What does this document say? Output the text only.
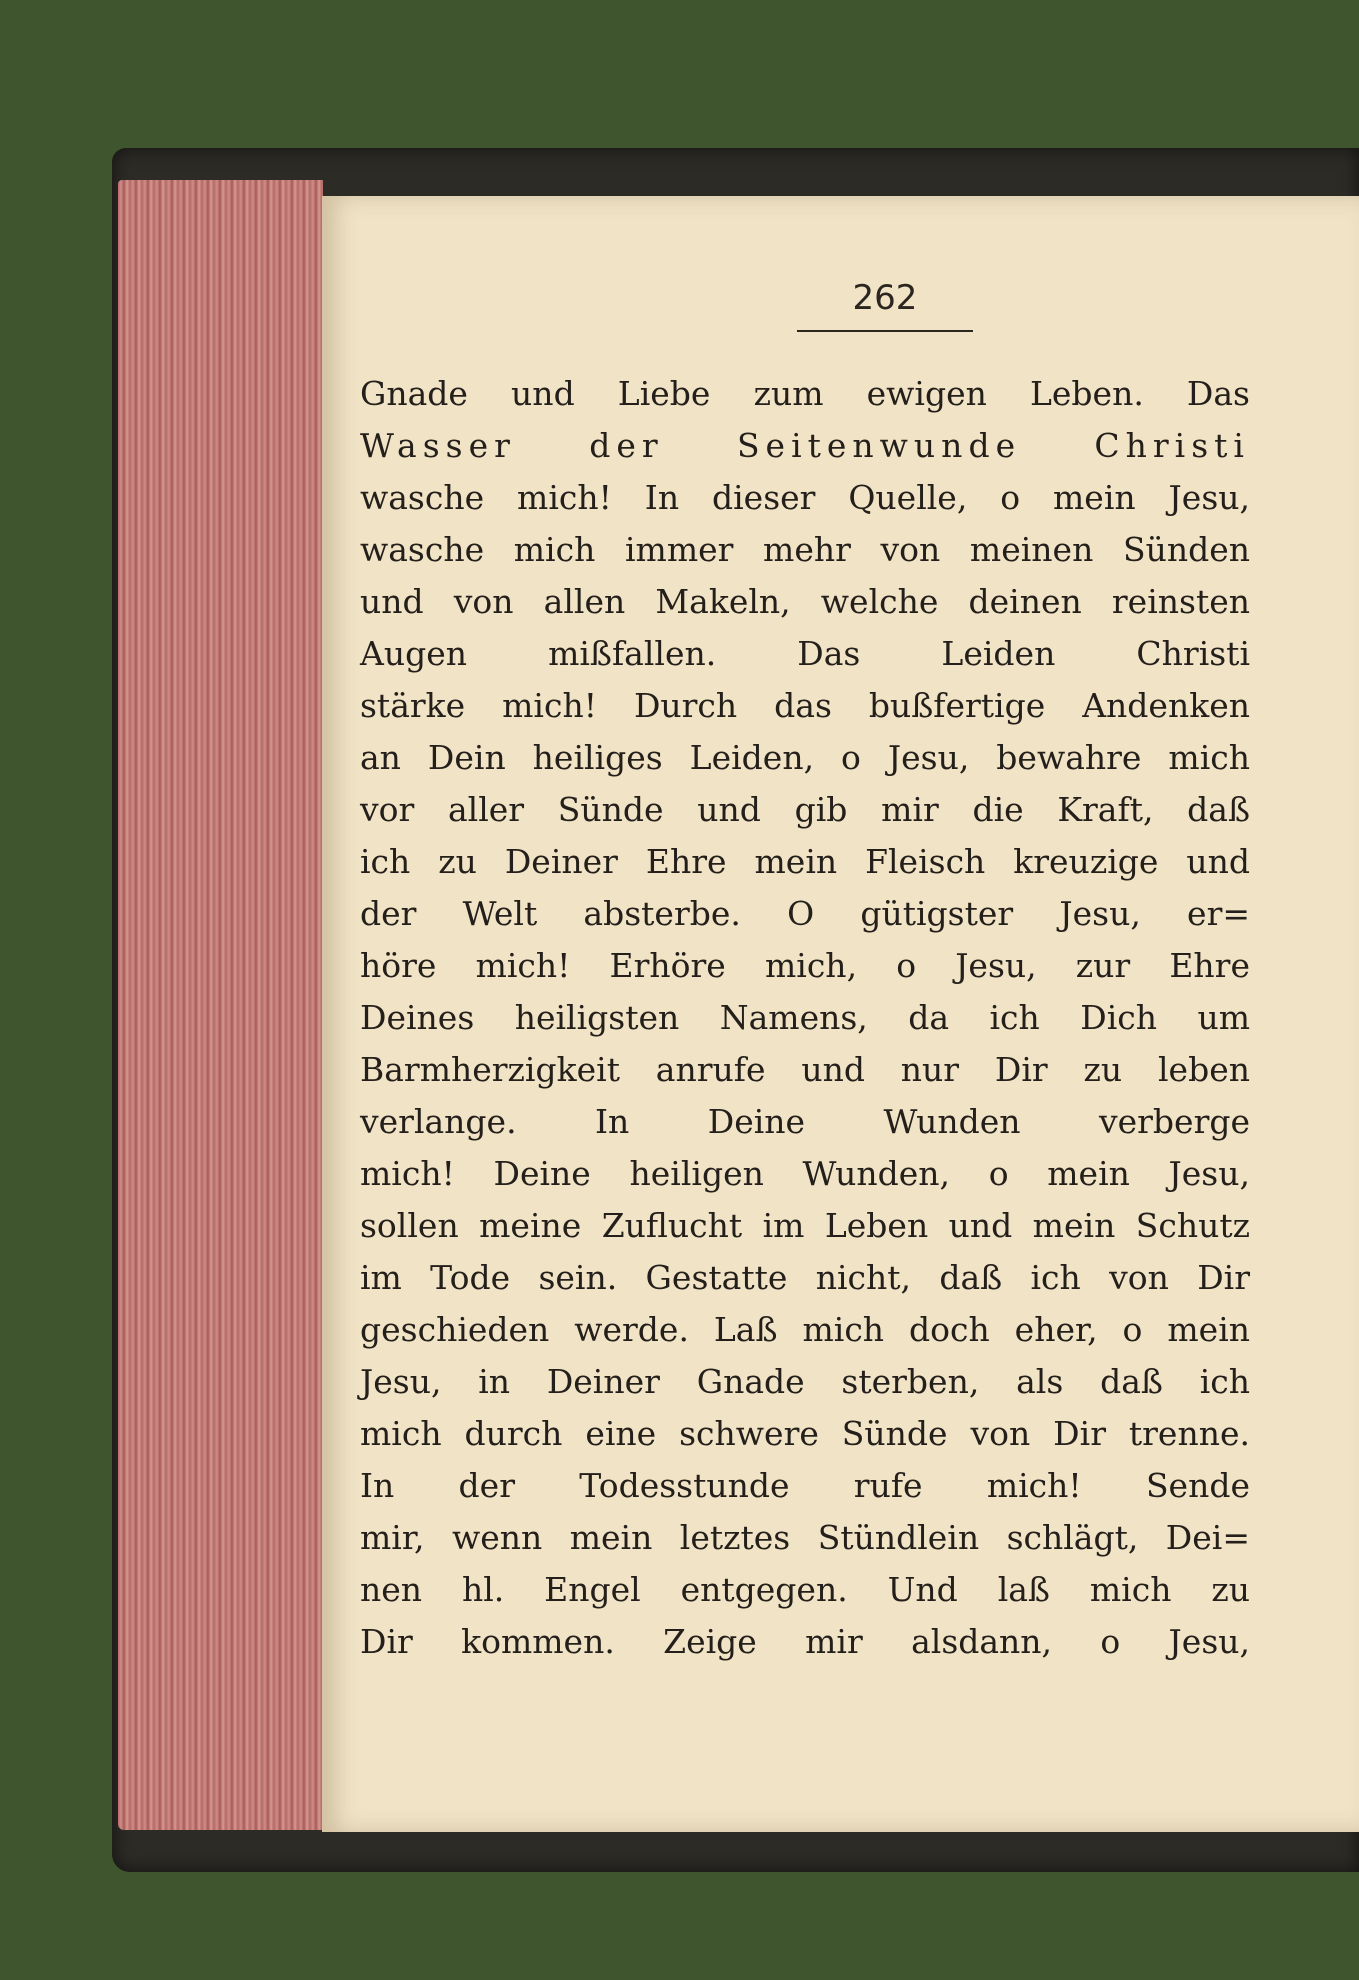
262
Gnade und Liebe zum ewigen Leben. Das
Wasser der Seitenwunde Christi
wasche mich! In dieser Quelle, o mein Jesu,
wasche mich immer mehr von meinen Sünden
und von allen Makeln, welche deinen reinsten
Augen mißfallen. Das Leiden Christi
stärke mich! Durch das bußfertige Andenken
an Dein heiliges Leiden, o Jesu, bewahre mich
vor aller Sünde und gib mir die Kraft, daß
ich zu Deiner Ehre mein Fleisch kreuzige und
der Welt absterbe. O gütigster Jesu, er=
höre mich! Erhöre mich, o Jesu, zur Ehre
Deines heiligsten Namens, da ich Dich um
Barmherzigkeit anrufe und nur Dir zu leben
verlange. In Deine Wunden verberge
mich! Deine heiligen Wunden, o mein Jesu,
sollen meine Zuflucht im Leben und mein Schutz
im Tode sein. Gestatte nicht, daß ich von Dir
geschieden werde. Laß mich doch eher, o mein
Jesu, in Deiner Gnade sterben, als daß ich
mich durch eine schwere Sünde von Dir trenne.
In der Todesstunde rufe mich! Sende
mir, wenn mein letztes Stündlein schlägt, Dei=
nen hl. Engel entgegen. Und laß mich zu
Dir kommen. Zeige mir alsdann, o Jesu,
